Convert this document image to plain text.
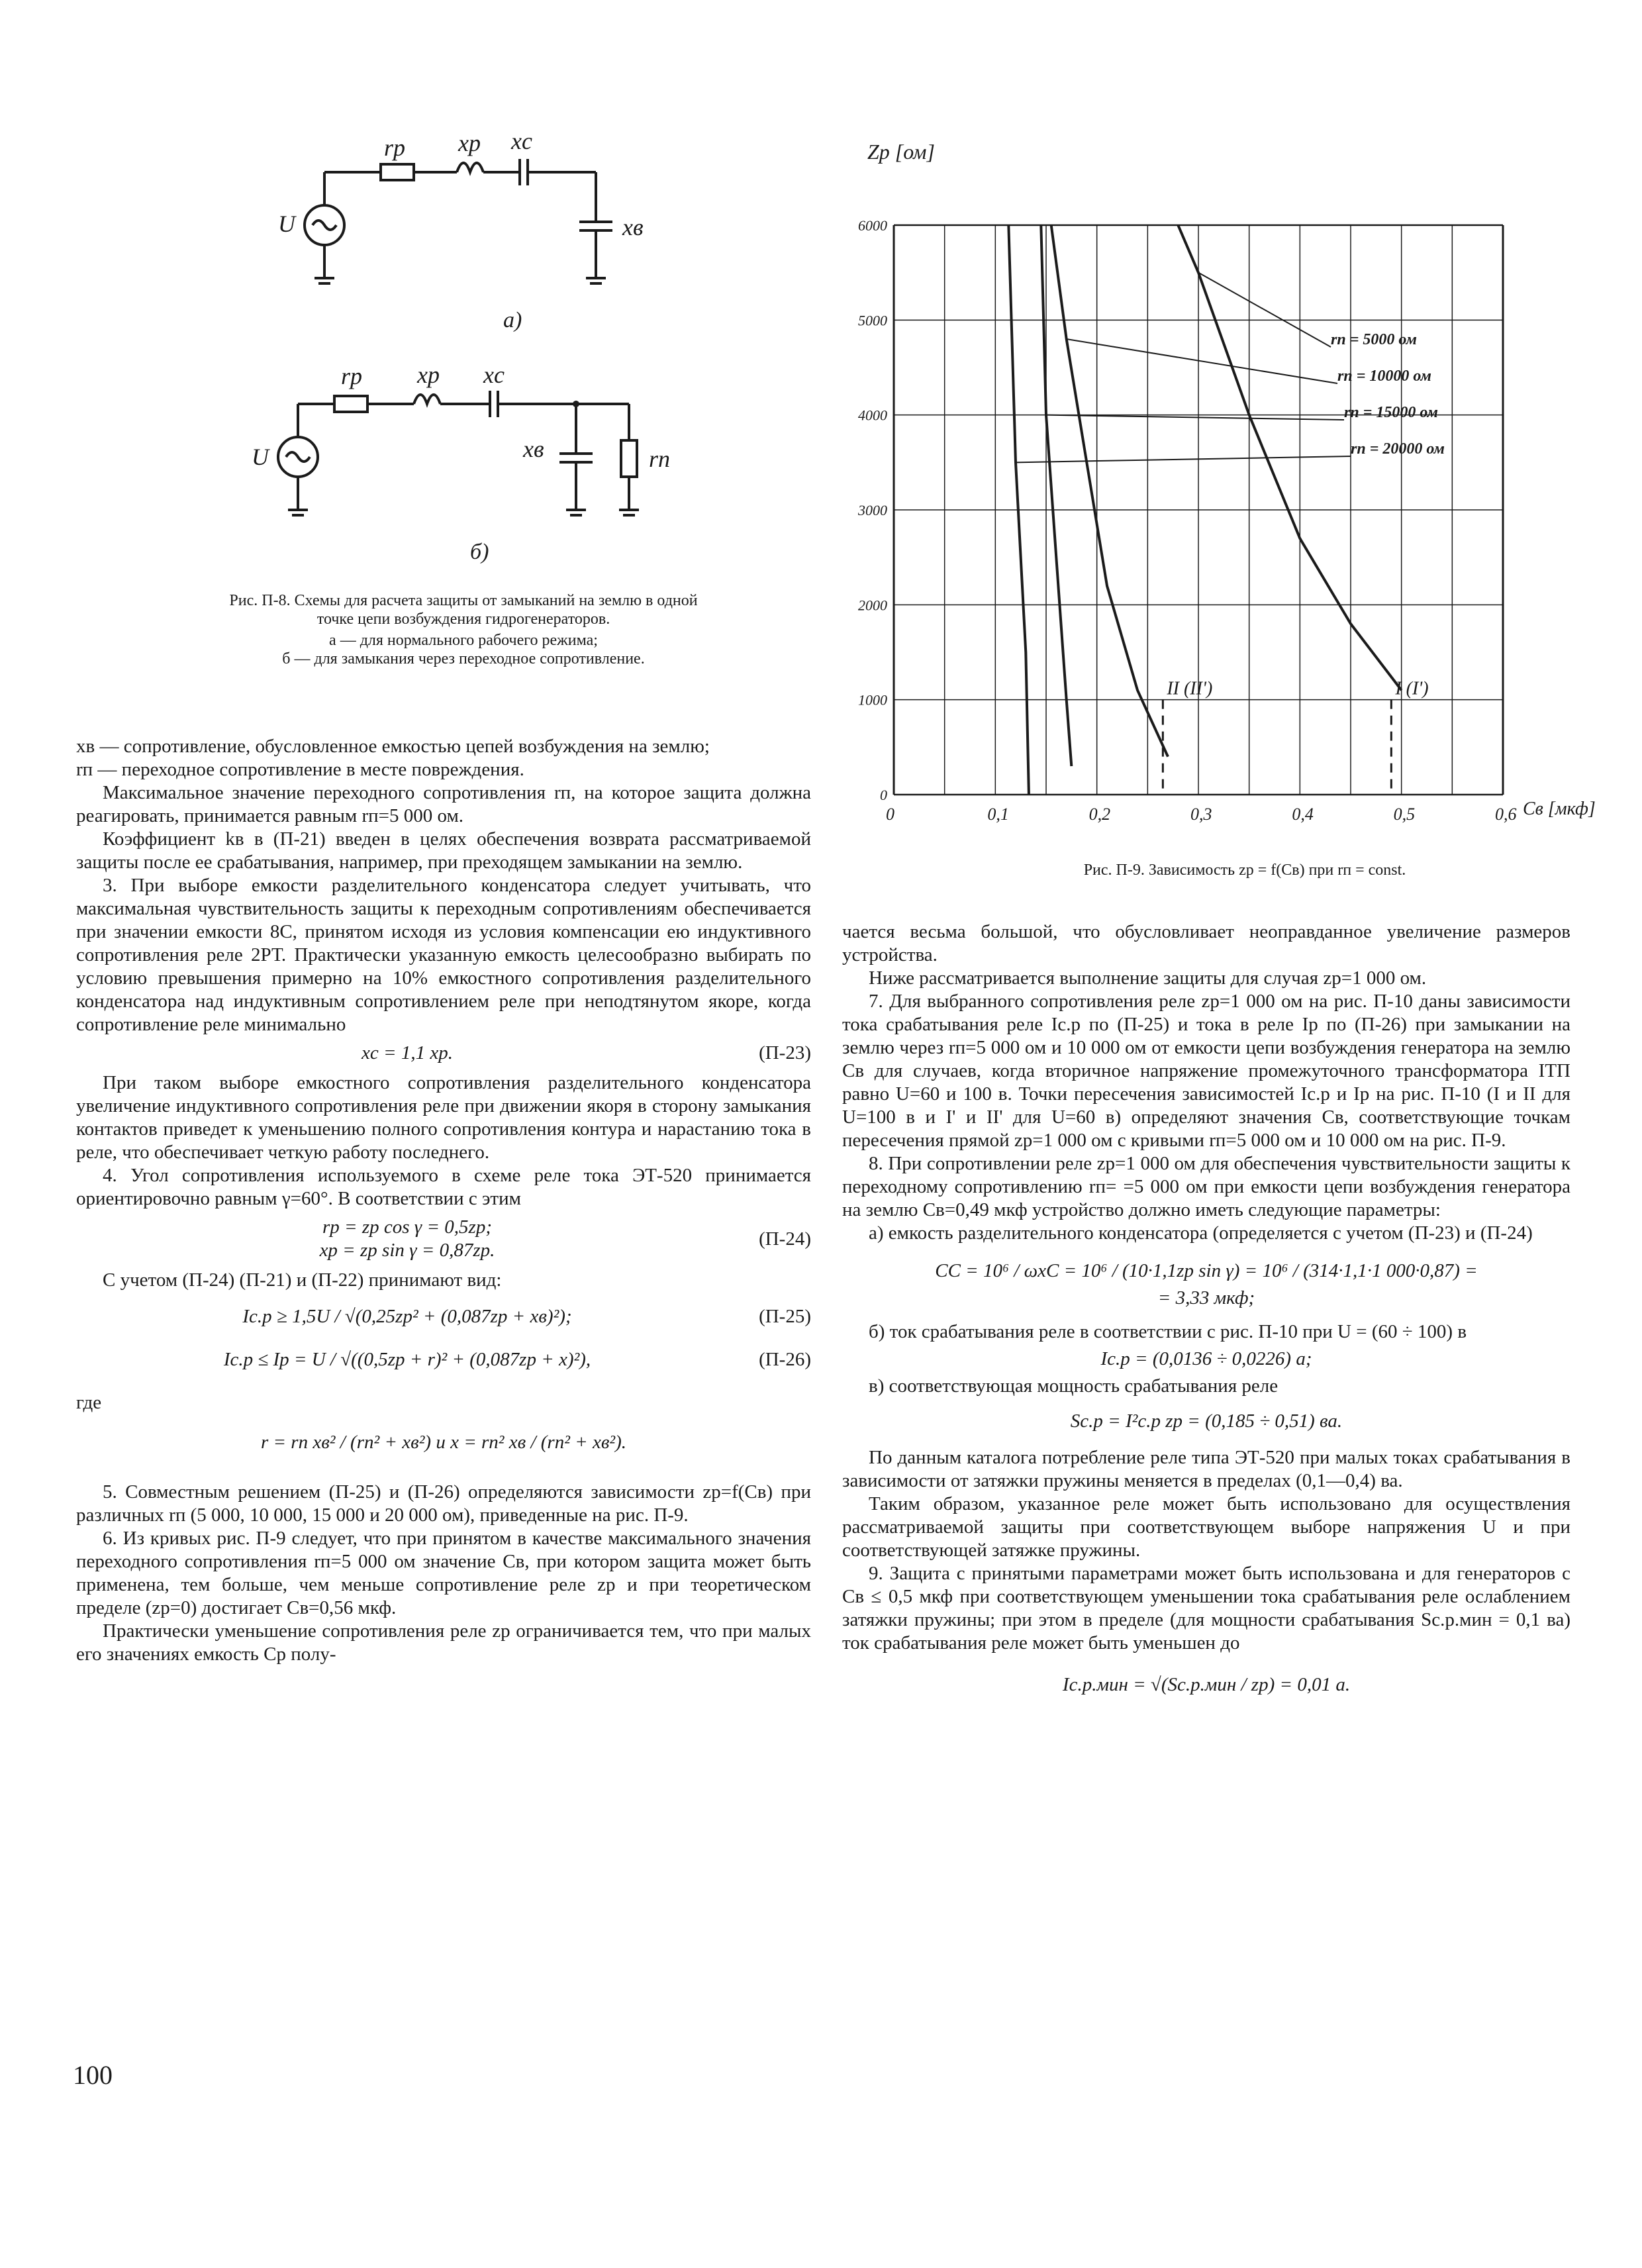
U
rp xp xc
xв
а)
U
rp xp xc
xв	rп
б)
Рис. П-8. Схемы для расчета защиты от замыканий на землю в одной точке цепи возбуждения гидрогенераторов.
а — для нормального рабочего режима;
б — для замыкания через переходное сопротивление.
0	0,1	0,2	0,3	0,4	0,5	0,6
0
1000
2000
3000
4000
5000
6000
rп = 5000 ом
rп = 10000 ом
rп = 15000 ом
rп = 20000 ом
I (I')
II (II')
Zp [ом]
Cв [мкф]
Рис. П-9. Зависимость zр = f(Cв) при rп = const.

xв — сопротивление, обусловленное емкостью цепей возбуждения на землю;

rп — переходное сопротивление в месте повреждения.

Максимальное значение переходного сопротивления rп, на которое защита должна реагировать, принимается равным rп=5 000 ом.

Коэффициент kв в (П-21) введен в целях обеспечения возврата рассматриваемой защиты после ее срабатывания, например, при преходящем замыкании на землю.

3. При выборе емкости разделительного конденсатора следует учитывать, что максимальная чувствительность защиты к переходным сопротивлениям обеспечивается при значении емкости 8С, принятом исходя из условия компенсации ею индуктивного сопротивления реле 2РТ. Практически указанную емкость целесообразно выбирать по условию превышения примерно на 10% емкостного сопротивления разделительного конденсатора над индуктивным сопротивлением реле при неподтянутом якоре, когда сопротивление реле минимально

xc = 1,1 xp.	(П-23)

При таком выборе емкостного сопротивления разделительного конденсатора увеличение индуктивного сопротивления реле при движении якоря в сторону замыкания контактов приведет к уменьшению полного сопротивления контура и нарастанию тока в реле, что обеспечивает четкую работу последнего.

4. Угол сопротивления используемого в схеме реле тока ЭТ-520 принимается ориентировочно равным γ=60°. В соответствии с этим

rр = zр cos γ = 0,5zр;
xр = zр sin γ = 0,87zр.
(П-24)

С учетом (П-24) (П-21) и (П-22) принимают вид:

Iс.р ≥ 1,5U / √(0,25zр² + (0,087zр + xв)²);	(П-25)
Iс.р ≤ Iр = U / √((0,5zр + r)² + (0,087zр + x)²),	(П-26)

где

r = rп xв² / (rп² + xв²) и x = rп² xв / (rп² + xв²).

5. Совместным решением (П-25) и (П-26) определяются зависимости zр=f(Cв) при различных rп (5 000, 10 000, 15 000 и 20 000 ом), приведенные на рис. П-9.

6. Из кривых рис. П-9 следует, что при принятом в качестве максимального значения переходного сопротивления rп=5 000 ом значение Cв, при котором защита может быть применена, тем больше, чем меньше сопротивление реле zр и при теоретическом пределе (zр=0) достигает Cв=0,56 мкф.

Практически уменьшение сопротивления реле zр ограничивается тем, что при малых его значениях емкость Cр полу-

чается весьма большой, что обусловливает неоправданное увеличение размеров устройства.

Ниже рассматривается выполнение защиты для случая zр=1 000 ом.

7. Для выбранного сопротивления реле zр=1 000 ом на рис. П-10 даны зависимости тока срабатывания реле Iс.р по (П-25) и тока в реле Iр по (П-26) при замыкании на землю через rп=5 000 ом и 10 000 ом от емкости цепи возбуждения генератора на землю Cв для случаев, когда вторичное напряжение промежуточного трансформатора ІТП равно U=60 и 100 в. Точки пересечения зависимостей Iс.р и Iр на рис. П-10 (I и II для U=100 в и I' и II' для U=60 в) определяют значения Cв, соответствующие точкам пересечения прямой zр=1 000 ом с кривыми rп=5 000 ом и 10 000 ом на рис. П-9.

8. При сопротивлении реле zр=1 000 ом для обеспечения чувствительности защиты к переходному сопротивлению rп= =5 000 ом при емкости цепи возбуждения генератора на землю Cв=0,49 мкф устройство должно иметь следующие параметры:

а) емкость разделительного конденсатора (определяется с учетом (П-23) и (П-24)

CC = 10⁶ / ωxC = 10⁶ / (10·1,1zр sin γ) = 10⁶ / (314·1,1·1 000·0,87) =
= 3,33 мкф;

б) ток срабатывания реле в соответствии с рис. П-10 при U = (60 ÷ 100) в

Iс.р = (0,0136 ÷ 0,0226) а;

в) соответствующая мощность срабатывания реле

Sс.р = I²с.р zр = (0,185 ÷ 0,51) ва.

По данным каталога потребление реле типа ЭТ-520 при малых токах срабатывания в зависимости от затяжки пружины меняется в пределах (0,1—0,4) ва.

Таким образом, указанное реле может быть использовано для осуществления рассматриваемой защиты при соответствующем выборе напряжения U и при соответствующей затяжке пружины.

9. Защита с принятыми параметрами может быть использована и для генераторов с Cв ≤ 0,5 мкф при соответствующем уменьшении тока срабатывания реле ослаблением затяжки пружины; при этом в пределе (для мощности срабатывания Sс.р.мин = 0,1 ва) ток срабатывания реле может быть уменьшен до

Iс.р.мин = √(Sс.р.мин / zр) = 0,01 а.
100
